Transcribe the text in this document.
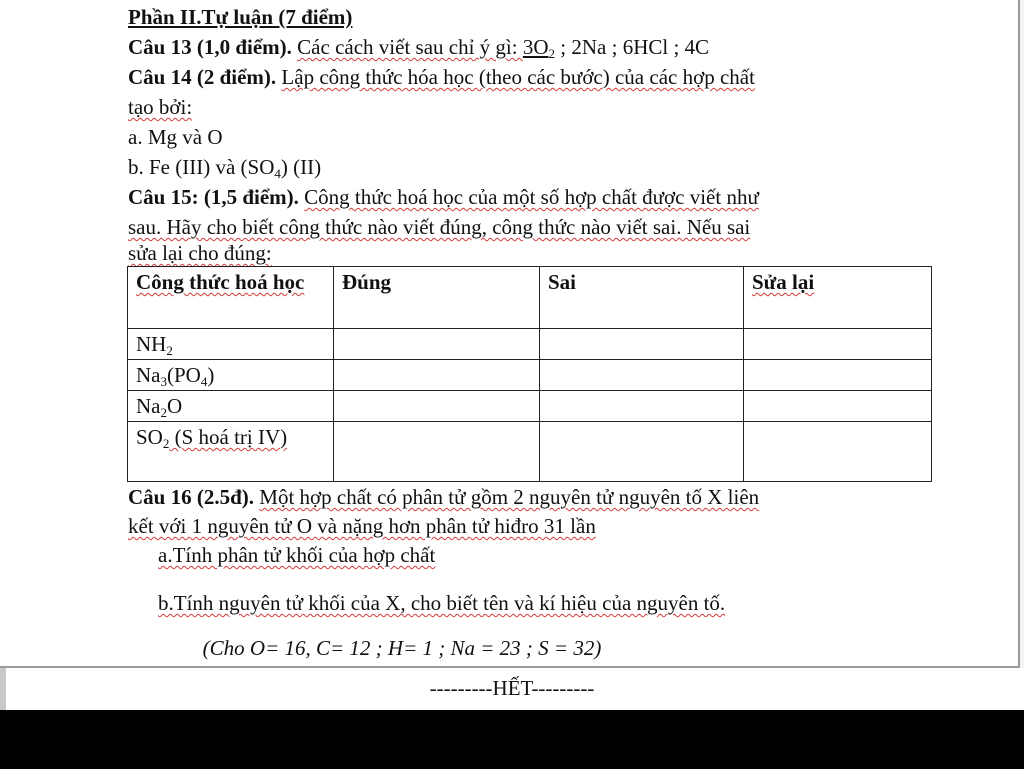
Phần II.Tự luận (7 điểm)
Câu 13 (1,0 điểm). Các cách viết sau chỉ ý gì: $3O_2$ ; 2Na ; 6HCl ; 4C
Câu 14 (2 điểm). Lập công thức hóa học (theo các bước) của các hợp chất
tạo bởi:
a. Mg và O
b. Fe (III) và $(SO_4)$ (II)
Câu 15: (1,5 điểm). Công thức hoá học của một số hợp chất được viết như
sau. Hãy cho biết công thức nào viết đúng, công thức nào viết sai. Nếu sai
sửa lại cho đúng:
Công thức hoá học	Đúng	Sai	Sửa lại
$NH_2$			
$Na_3(PO_4)$			
$Na_2O$			
$SO_2$ (S hoá trị IV)			
Câu 16 (2.5đ). Một hợp chất có phân tử gồm 2 nguyên tử nguyên tố X liên
kết với 1 nguyên tử O và nặng hơn phân tử hiđro 31 lần
a.Tính phân tử khối của hợp chất
b.Tính nguyên tử khối của X, cho biết tên và kí hiệu của nguyên tố.
(Cho O= 16, C= 12 ; H= 1 ; Na = 23 ; S = 32)
---------HẾT---------
